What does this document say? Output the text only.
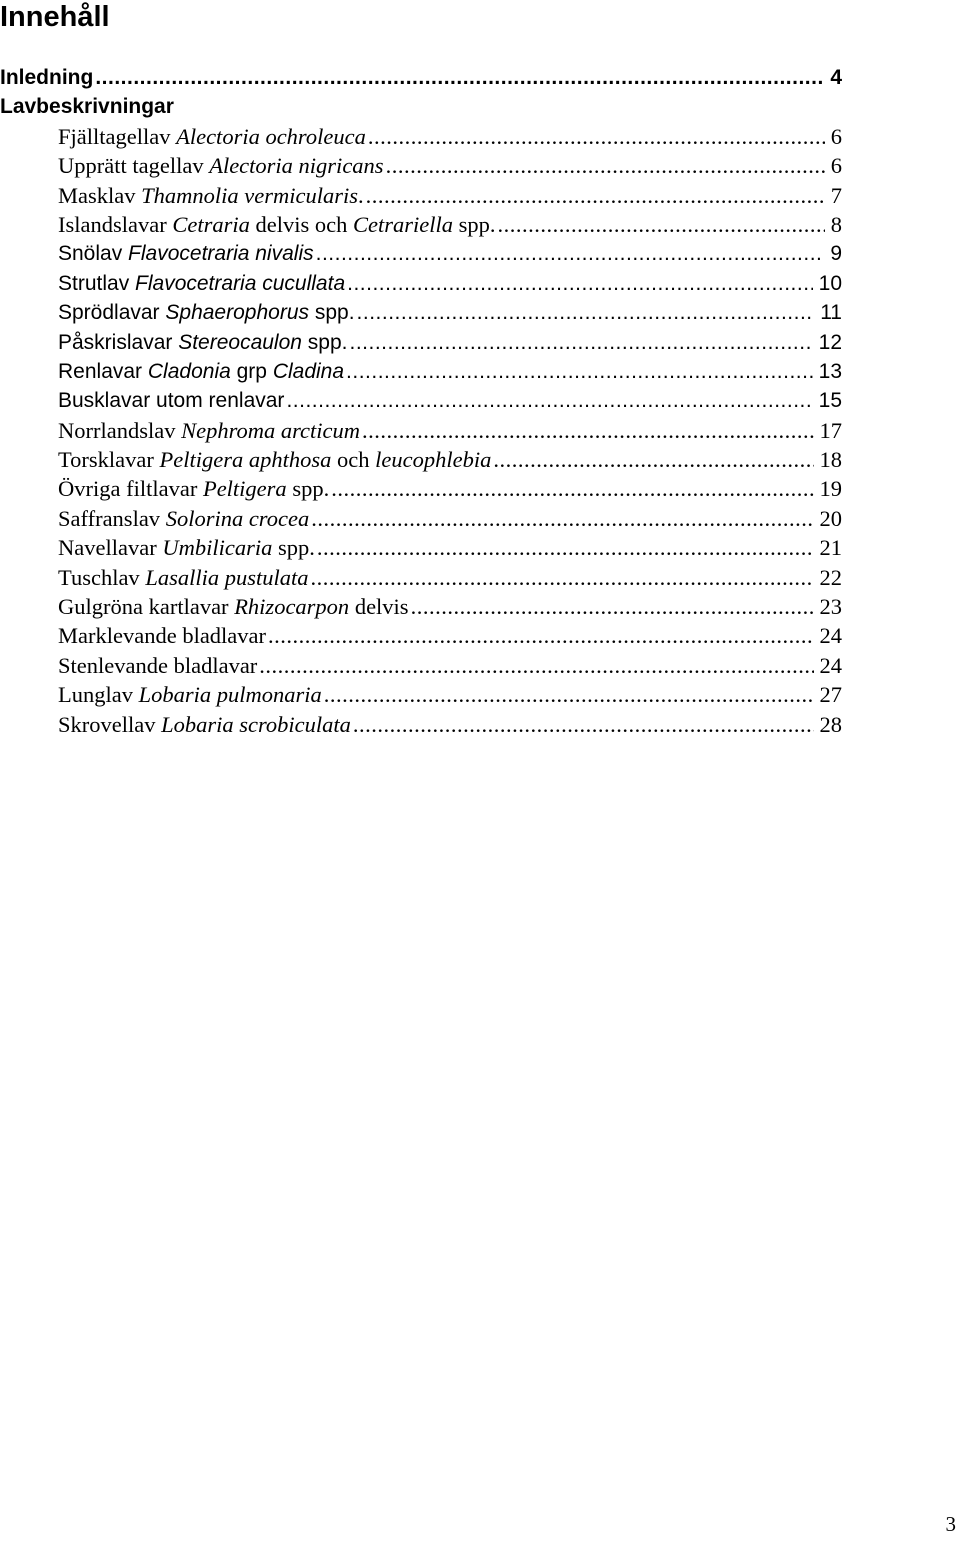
Innehåll
Inledning .....	4
Lavbeskrivningar
Fjälltagellav Alectoria ochroleuca .....	6
Upprätt tagellav Alectoria nigricans .....	6
Masklav Thamnolia vermicularis. .....	7
Islandslavar Cetraria delvis och Cetrariella spp. .....	8
Snölav Flavocetraria nivalis .....	9
Strutlav Flavocetraria cucullata .....	10
Sprödlavar Sphaerophorus spp. .....	11
Påskrislavar Stereocaulon spp. .....	12
Renlavar Cladonia grp Cladina .....	13
Busklavar utom renlavar .....	15
Norrlandslav Nephroma arcticum .....	17
Torsklavar Peltigera aphthosa och leucophlebia .....	18
Övriga filtlavar Peltigera spp. .....	19
Saffranslav Solorina crocea .....	20
Navellavar Umbilicaria spp. .....	21
Tuschlav Lasallia pustulata .....	22
Gulgröna kartlavar Rhizocarpon delvis .....	23
Marklevande bladlavar .....	24
Stenlevande bladlavar .....	24
Lunglav Lobaria pulmonaria .....	27
Skrovellav Lobaria scrobiculata .....	28
3
